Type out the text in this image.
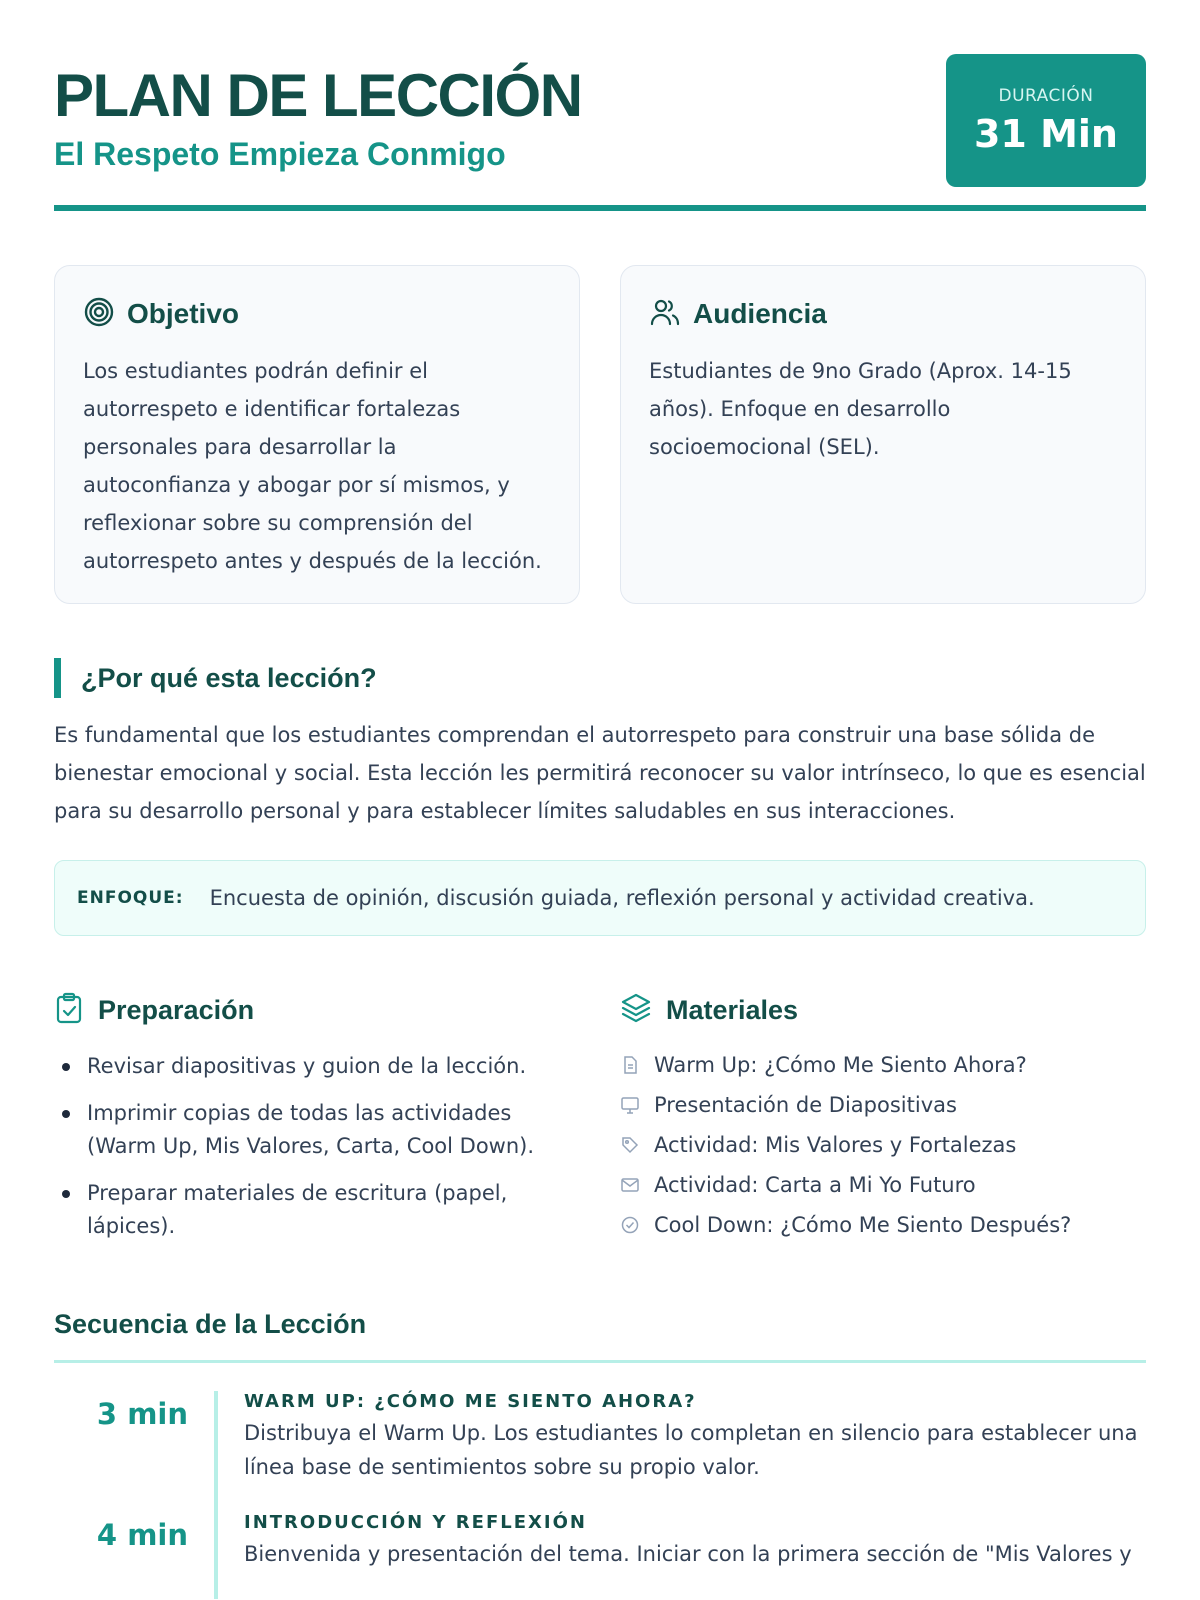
PLAN DE LECCIÓN
El Respeto Empieza Conmigo
DURACIÓN
31 Min
Objetivo

Los estudiantes podrán definir el autorrespeto e identificar fortalezas personales para desarrollar la autoconfianza y abogar por sí mismos, y reflexionar sobre su comprensión del autorrespeto antes y después de la lección.

Audiencia

Estudiantes de 9no Grado (Aprox. 14-15 años). Enfoque en desarrollo socioemocional (SEL).

¿Por qué esta lección?

Es fundamental que los estudiantes comprendan el autorrespeto para construir una base sólida de bienestar emocional y social. Esta lección les permitirá reconocer su valor intrínseco, lo que es esencial para su desarrollo personal y para establecer límites saludables en sus interacciones.

ENFOQUE: Encuesta de opinión, discusión guiada, reflexión personal y actividad creativa.
Preparación
Revisar diapositivas y guion de la lección.
Imprimir copias de todas las actividades (Warm Up, Mis Valores, Carta, Cool Down).
Preparar materiales de escritura (papel, lápices).
Materiales
Warm Up: ¿Cómo Me Siento Ahora?
Presentación de Diapositivas
Actividad: Mis Valores y Fortalezas
Actividad: Carta a Mi Yo Futuro
Cool Down: ¿Cómo Me Siento Después?
Secuencia de la Lección
3 min	WARM UP: ¿CÓMO ME SIENTO AHORA?
Distribuya el Warm Up. Los estudiantes lo completan en silencio para establecer una línea base de sentimientos sobre su propio valor.
4 min	INTRODUCCIÓN Y REFLEXIÓN
Bienvenida y presentación del tema. Iniciar con la primera sección de "Mis Valores y
